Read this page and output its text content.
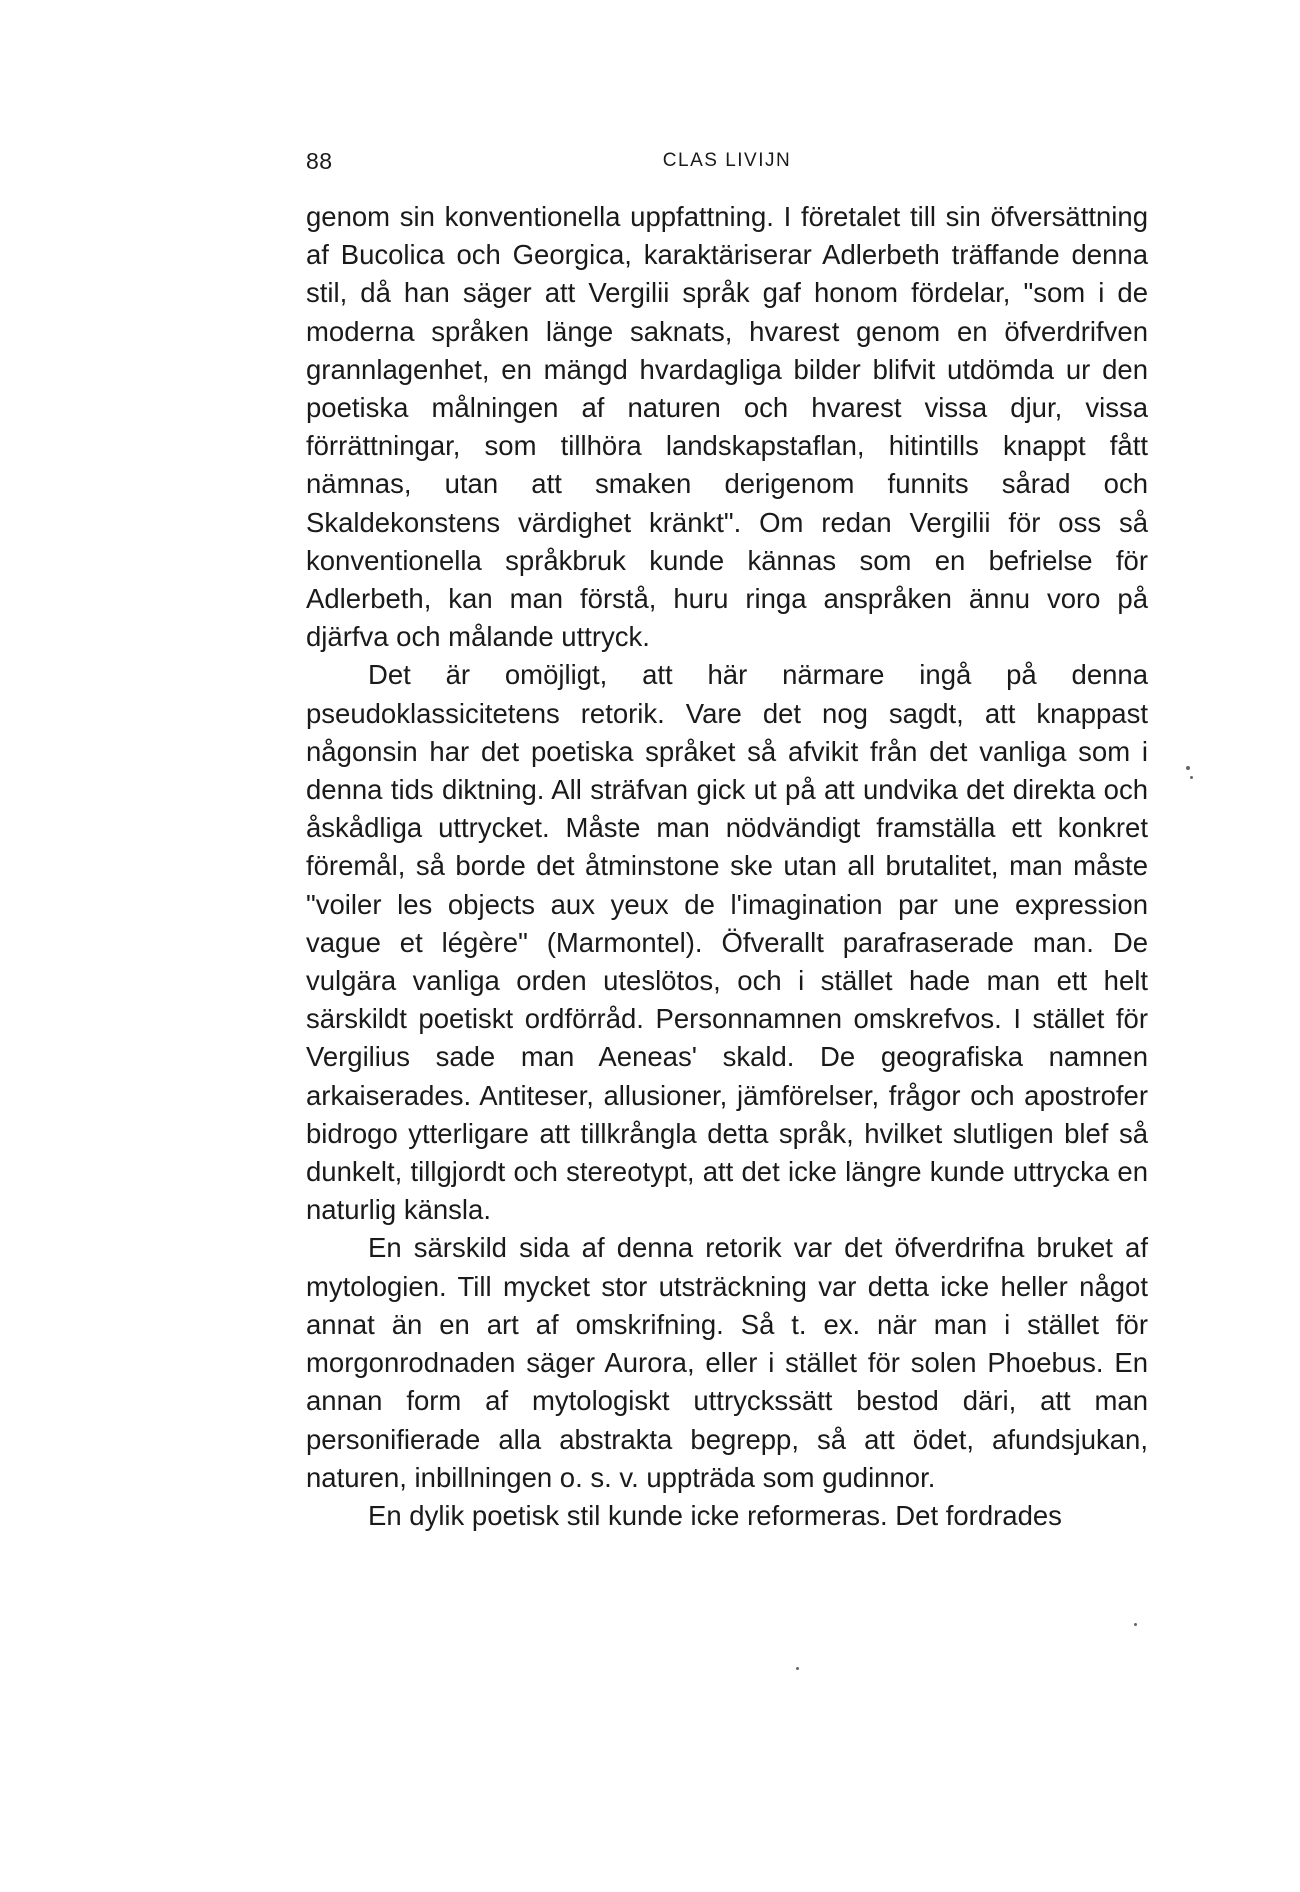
88	CLAS LIVIJN

genom sin konventionella uppfattning. I företalet till sin öfversättning af Bucolica och Georgica, karaktäriserar Adlerbeth träffande denna stil, då han säger att Vergilii språk gaf honom fördelar, "som i de moderna språken länge saknats, hvarest genom en öfverdrifven grannlagenhet, en mängd hvardagliga bilder blifvit utdömda ur den poetiska målningen af naturen och hvarest vissa djur, vissa förrättningar, som tillhöra landskapstaflan, hitintills knappt fått nämnas, utan att smaken derigenom funnits sårad och Skaldekonstens värdighet kränkt". Om redan Vergilii för oss så konventionella språkbruk kunde kännas som en befrielse för Adlerbeth, kan man förstå, huru ringa anspråken ännu voro på djärfva och målande uttryck.

Det är omöjligt, att här närmare ingå på denna pseudoklassicitetens retorik. Vare det nog sagdt, att knappast någonsin har det poetiska språket så afvikit från det vanliga som i denna tids diktning. All sträfvan gick ut på att undvika det direkta och åskådliga uttrycket. Måste man nödvändigt framställa ett konkret föremål, så borde det åtminstone ske utan all brutalitet, man måste "voiler les objects aux yeux de l'imagination par une expression vague et légère" (Marmontel). Öfverallt parafraserade man. De vulgära vanliga orden uteslötos, och i stället hade man ett helt särskildt poetiskt ordförråd. Personnamnen omskrefvos. I stället för Vergilius sade man Aeneas' skald. De geografiska namnen arkaiserades. Antiteser, allusioner, jämförelser, frågor och apostrofer bidrogo ytterligare att tillkrångla detta språk, hvilket slutligen blef så dunkelt, tillgjordt och stereotypt, att det icke längre kunde uttrycka en naturlig känsla.

En särskild sida af denna retorik var det öfverdrifna bruket af mytologien. Till mycket stor utsträckning var detta icke heller något annat än en art af omskrifning. Så t. ex. när man i stället för morgonrodnaden säger Aurora, eller i stället för solen Phoebus. En annan form af mytologiskt uttryckssätt bestod däri, att man personifierade alla abstrakta begrepp, så att ödet, afundsjukan, naturen, inbillningen o. s. v. uppträda som gudinnor.

En dylik poetisk stil kunde icke reformeras. Det fordrades
